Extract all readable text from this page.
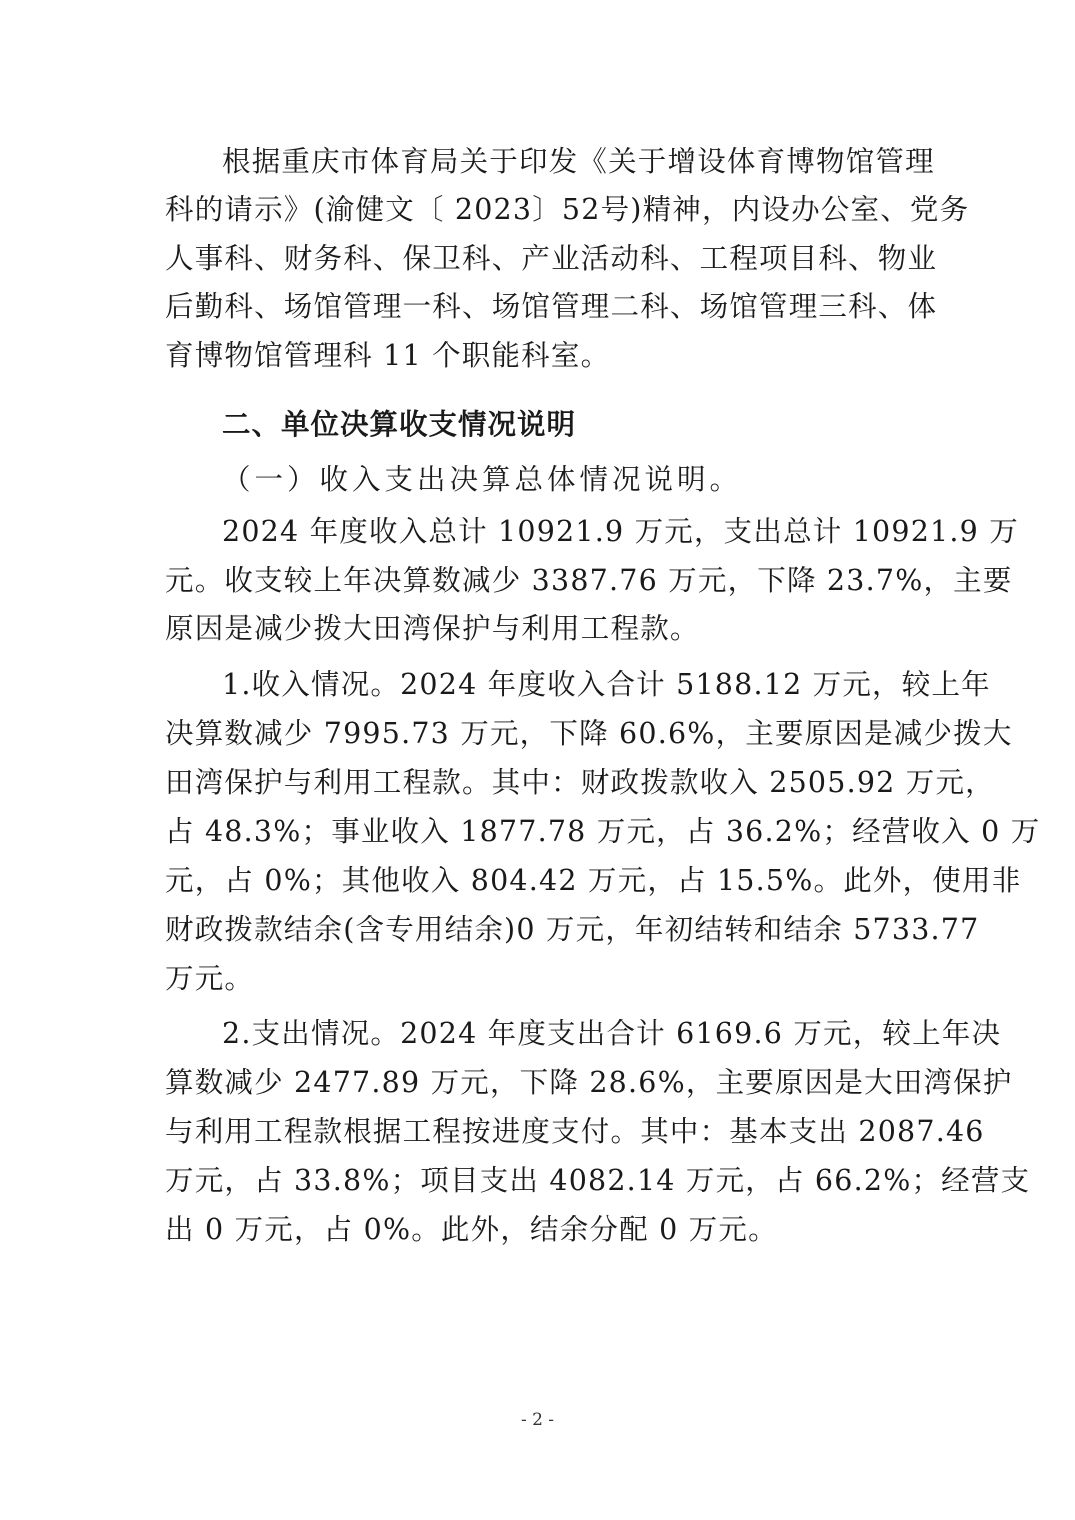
根据重庆市体育局关于印发《关于增设体育博物馆管理
科的请示》(渝健文〔 2023〕52号)精神，内设办公室、党务
人事科、财务科、保卫科、产业活动科、工程项目科、物业
后勤科、场馆管理一科、场馆管理二科、场馆管理三科、体
育博物馆管理科 11 个职能科室。
二、单位决算收支情况说明
（一）收入支出决算总体情况说明。
2024 年度收入总计 10921.9 万元，支出总计 10921.9 万
元。收支较上年决算数减少 3387.76 万元，下降 23.7%，主要
原因是减少拨大田湾保护与利用工程款。
1.收入情况。2024 年度收入合计 5188.12 万元，较上年
决算数减少 7995.73 万元，下降 60.6%，主要原因是减少拨大
田湾保护与利用工程款。其中：财政拨款收入 2505.92 万元，
占 48.3%；事业收入 1877.78 万元，占 36.2%；经营收入 0 万
元，占 0%；其他收入 804.42 万元，占 15.5%。此外，使用非
财政拨款结余(含专用结余)0 万元，年初结转和结余 5733.77
万元。
2.支出情况。2024 年度支出合计 6169.6 万元，较上年决
算数减少 2477.89 万元，下降 28.6%，主要原因是大田湾保护
与利用工程款根据工程按进度支付。其中：基本支出 2087.46
万元，占 33.8%；项目支出 4082.14 万元，占 66.2%；经营支
出 0 万元，占 0%。此外，结余分配 0 万元。
- 2 -
